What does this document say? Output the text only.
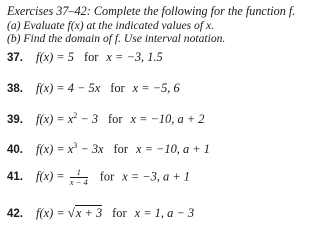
Exercises 37–42: Complete the following for the function f.
(a) Evaluate f(x) at the indicated values of x.
(b) Find the domain of f. Use interval notation.
37. f(x) = 5 for x = −3, 1.5
38. f(x) = 4 − 5x for x = −5, 6
39. $f(x) = x^2 - 3$ for x = −10, a + 2
40. $f(x) = x^3 - 3x$ for x = −10, a + 1
41. $f(x) = \frac{1}{x - 4}$ for x = −3, a + 1
42. f(x) = √x + 3 for x = 1, a − 3
